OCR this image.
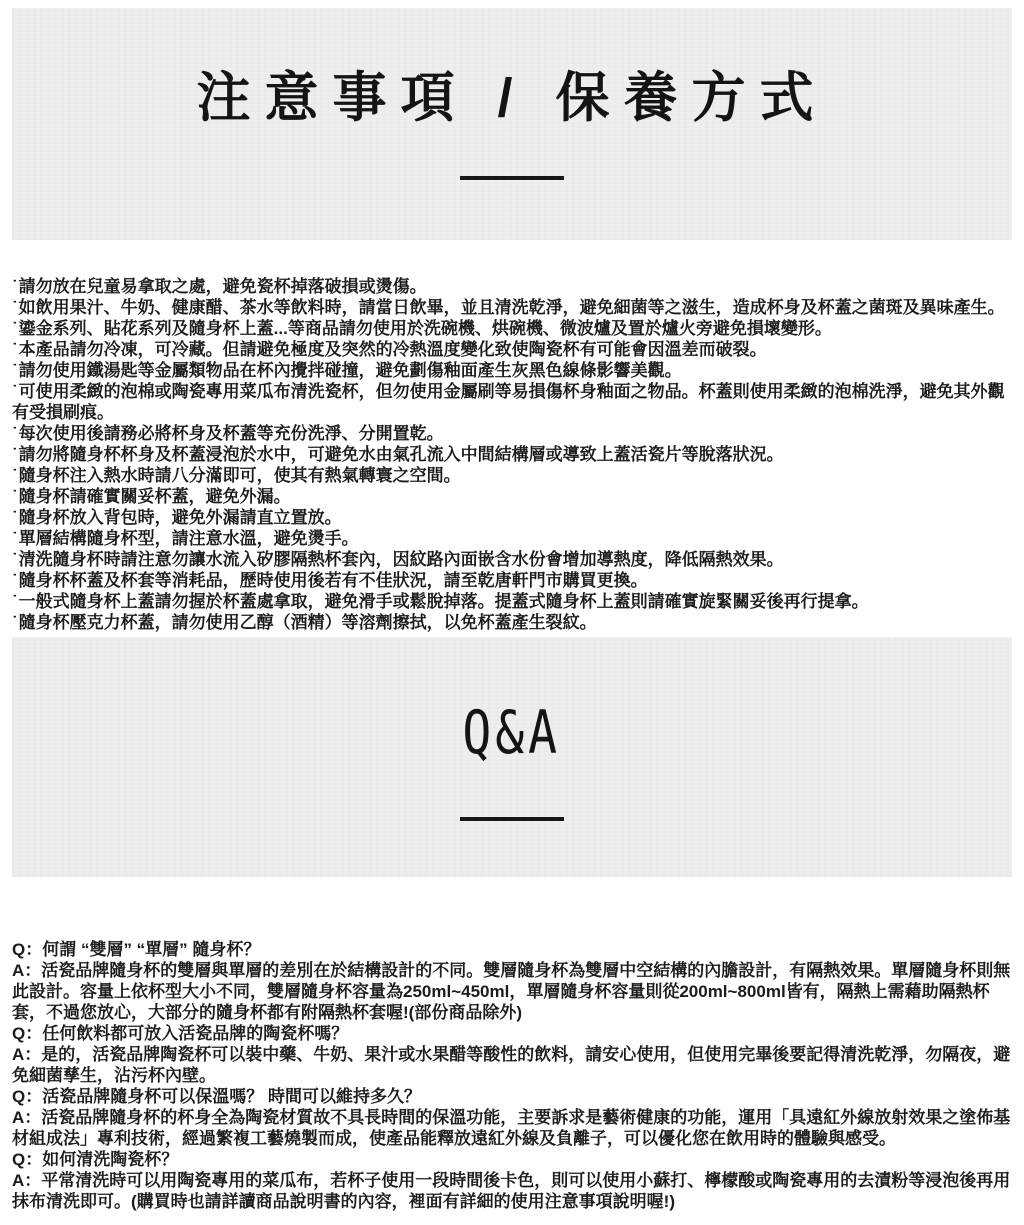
注意事項 / 保養方式
˙請勿放在兒童易拿取之處，避免瓷杯掉落破損或燙傷。
˙如飲用果汁、牛奶、健康醋、茶水等飲料時，請當日飲畢，並且清洗乾淨，避免細菌等之滋生，造成杯身及杯蓋之菌斑及異味產生。
˙鎏金系列、貼花系列及隨身杯上蓋...等商品請勿使用於洗碗機、烘碗機、微波爐及置於爐火旁避免損壞變形。
˙本產品請勿冷凍，可冷藏。但請避免極度及突然的冷熱溫度變化致使陶瓷杯有可能會因溫差而破裂。
˙請勿使用鐵湯匙等金屬類物品在杯內攪拌碰撞，避免劃傷釉面產生灰黑色線條影響美觀。
˙可使用柔緻的泡棉或陶瓷專用菜瓜布清洗瓷杯，但勿使用金屬刷等易損傷杯身釉面之物品。杯蓋則使用柔緻的泡棉洗淨，避免其外觀有受損刷痕。
˙每次使用後請務必將杯身及杯蓋等充份洗淨、分開置乾。
˙請勿將隨身杯杯身及杯蓋浸泡於水中，可避免水由氣孔流入中間結構層或導致上蓋活瓷片等脫落狀況。
˙隨身杯注入熱水時請八分滿即可，使其有熱氣轉寰之空間。
˙隨身杯請確實關妥杯蓋，避免外漏。
˙隨身杯放入背包時，避免外漏請直立置放。
˙單層結構隨身杯型，請注意水溫，避免燙手。
˙清洗隨身杯時請注意勿讓水流入矽膠隔熱杯套內，因紋路內面嵌含水份會增加導熱度，降低隔熱效果。
˙隨身杯杯蓋及杯套等消耗品，歷時使用後若有不佳狀況，請至乾唐軒門市購買更換。
˙一般式隨身杯上蓋請勿握於杯蓋處拿取，避免滑手或鬆脫掉落。提蓋式隨身杯上蓋則請確實旋緊關妥後再行提拿。
˙隨身杯壓克力杯蓋，請勿使用乙醇（酒精）等溶劑擦拭，以免杯蓋產生裂紋。
Q&A

Q：何謂 “雙層” “單層” 隨身杯？

A：活瓷品牌隨身杯的雙層與單層的差別在於結構設計的不同。雙層隨身杯為雙層中空結構的內膽設計，有隔熱效果。單層隨身杯則無此設計。容量上依杯型大小不同，雙層隨身杯容量為250ml~450ml，單層隨身杯容量則從200ml~800ml皆有，隔熱上需藉助隔熱杯套，不過您放心，大部分的隨身杯都有附隔熱杯套喔!(部份商品除外)

Q：任何飲料都可放入活瓷品牌的陶瓷杯嗎？

A：是的，活瓷品牌陶瓷杯可以裝中藥、牛奶、果汁或水果醋等酸性的飲料，請安心使用，但使用完畢後要記得清洗乾淨，勿隔夜，避免細菌孳生，沾污杯內壁。

Q：活瓷品牌隨身杯可以保溫嗎？ 時間可以維持多久？

A：活瓷品牌隨身杯的杯身全為陶瓷材質故不具長時間的保溫功能，主要訴求是藝術健康的功能，運用「具遠紅外線放射效果之塗佈基材組成法」專利技術，經過繁複工藝燒製而成，使產品能釋放遠紅外線及負離子，可以優化您在飲用時的體驗與感受。

Q：如何清洗陶瓷杯？

A：平常清洗時可以用陶瓷專用的菜瓜布，若杯子使用一段時間後卡色，則可以使用小蘇打、檸檬酸或陶瓷專用的去漬粉等浸泡後再用抹布清洗即可。(購買時也請詳讀商品說明書的內容，裡面有詳細的使用注意事項說明喔!)
